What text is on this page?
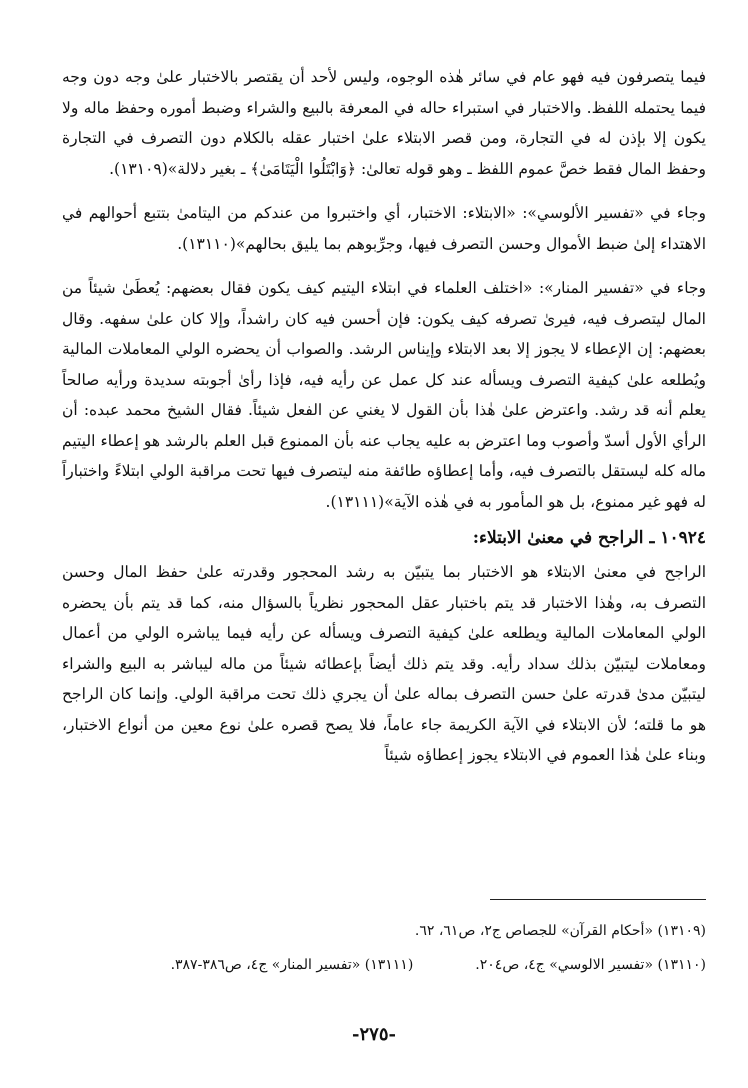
فيما يتصرفون فيه فهو عام في سائر هٰذه الوجوه، وليس لأحد أن يقتصر بالاختبار علىٰ وجه دون وجه فيما يحتمله اللفظ. والاختبار في استبراء حاله في المعرفة بالبيع والشراء وضبط أموره وحفظ ماله ولا يكون إلا بإذن له في التجارة، ومن قصر الابتلاء علىٰ اختبار عقله بالكلام دون التصرف في التجارة وحفظ المال فقط خصَّ عموم اللفظ ـ وهو قوله تعالىٰ: ﴿وَابْتَلُوا الْيَتَامَىٰ﴾ ـ بغير دلالة»(١٣١٠٩).

وجاء في «تفسير الألوسي»: «الابتلاء: الاختبار، أي واختبروا من عندكم من اليتامىٰ بتتبع أحوالهم في الاهتداء إلىٰ ضبط الأموال وحسن التصرف فيها، وجرِّبوهم بما يليق بحالهم»(١٣١١٠).

وجاء في «تفسير المنار»: «اختلف العلماء في ابتلاء اليتيم كيف يكون فقال بعضهم: يُعطَىٰ شيئاً من المال ليتصرف فيه، فيرىٰ تصرفه كيف يكون: فإن أحسن فيه كان راشداً، وإلا كان علىٰ سفهه. وقال بعضهم: إن الإعطاء لا يجوز إلا بعد الابتلاء وإيناس الرشد. والصواب أن يحضره الولي المعاملات المالية ويُطلعه علىٰ كيفية التصرف ويسأله عند كل عمل عن رأيه فيه، فإذا رأىٰ أجوبته سديدة ورأيه صالحاً يعلم أنه قد رشد. واعترض علىٰ هٰذا بأن القول لا يغني عن الفعل شيئاً. فقال الشيخ محمد عبده: أن الرأي الأول أسدّ وأصوب وما اعترض به عليه يجاب عنه بأن الممنوع قبل العلم بالرشد هو إعطاء اليتيم ماله كله ليستقل بالتصرف فيه، وأما إعطاؤه طائفة منه ليتصرف فيها تحت مراقبة الولي ابتلاءً واختباراً له فهو غير ممنوع، بل هو المأمور به في هٰذه الآية»(١٣١١١).

١٠٩٢٤ ـ الراجح في معنىٰ الابتلاء:

الراجح في معنىٰ الابتلاء هو الاختبار بما يتبيّن به رشد المحجور وقدرته علىٰ حفظ المال وحسن التصرف به، وهٰذا الاختبار قد يتم باختبار عقل المحجور نظرياً بالسؤال منه، كما قد يتم بأن يحضره الولي المعاملات المالية ويطلعه علىٰ كيفية التصرف ويسأله عن رأيه فيما يباشره الولي من أعمال ومعاملات ليتبيّن بذلك سداد رأيه. وقد يتم ذلك أيضاً بإعطائه شيئاً من ماله ليباشر به البيع والشراء ليتبيّن مدىٰ قدرته علىٰ حسن التصرف بماله علىٰ أن يجري ذلك تحت مراقبة الولي. وإنما كان الراجح هو ما قلته؛ لأن الابتلاء في الآية الكريمة جاء عاماً، فلا يصح قصره علىٰ نوع معين من أنواع الاختبار، وبناء علىٰ هٰذا العموم في الابتلاء يجوز إعطاؤه شيئاً

(١٣١٠٩) «أحكام القرآن» للجصاص ج٢، ص٦١، ٦٢.
(١٣١١٠) «تفسير الالوسي» ج٤، ص٢٠٤.(١٣١١١) «تفسير المنار» ج٤، ص٣٨٦-٣٨٧.
-٢٧٥-
